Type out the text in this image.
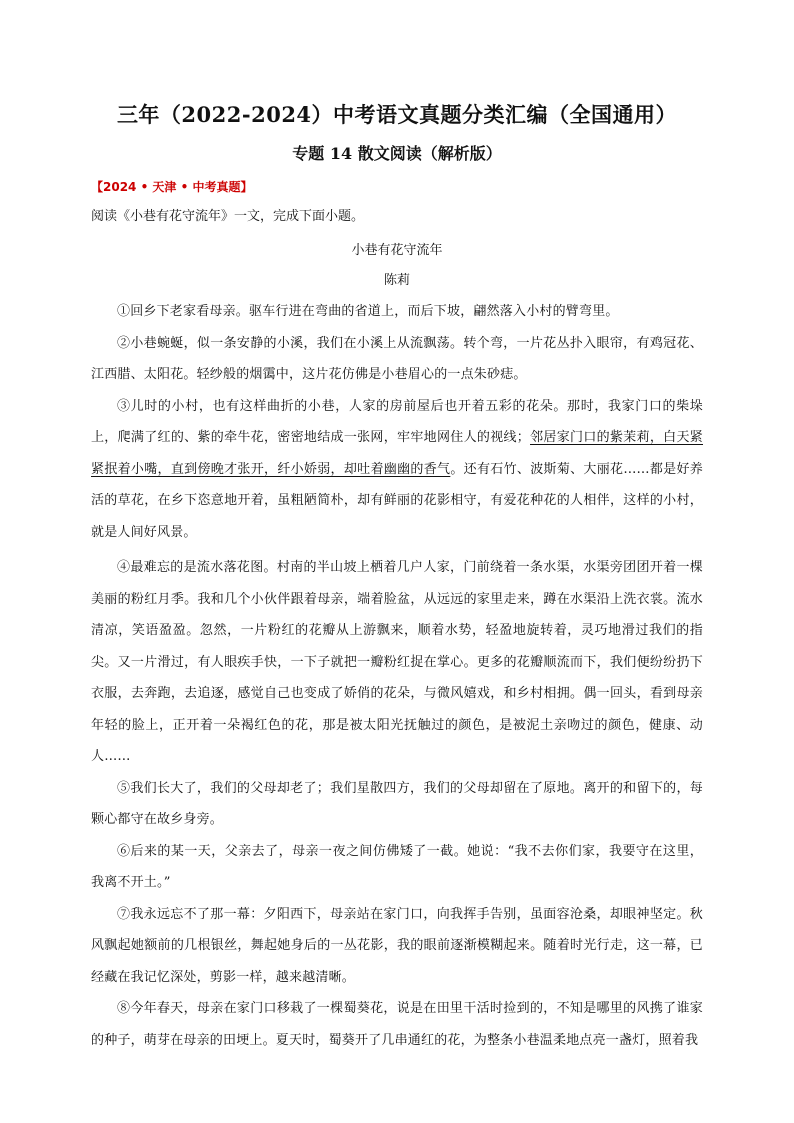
三年（2022-2024）中考语文真题分类汇编（全国通用）
专题 14 散文阅读（解析版）
【2024 • 天津 • 中考真题】
阅读《小巷有花守流年》一文，完成下面小题。
小巷有花守流年
陈莉

①回乡下老家看母亲。驱车行进在弯曲的省道上，而后下坡，翩然落入小村的臂弯里。

②小巷蜿蜒，似一条安静的小溪，我们在小溪上从流飘荡。转个弯，一片花丛扑入眼帘，有鸡冠花、江西腊、太阳花。轻纱般的烟霭中，这片花仿佛是小巷眉心的一点朱砂痣。

③儿时的小村，也有这样曲折的小巷，人家的房前屋后也开着五彩的花朵。那时，我家门口的柴垛上，爬满了红的、紫的牵牛花，密密地结成一张网，牢牢地网住人的视线；邻居家门口的紫茉莉，白天紧紧抿着小嘴，直到傍晚才张开，纤小娇弱，却吐着幽幽的香气。还有石竹、波斯菊、大丽花……都是好养活的草花，在乡下恣意地开着，虽粗陋简朴，却有鲜丽的花影相守，有爱花种花的人相伴，这样的小村，就是人间好风景。

④最难忘的是流水落花图。村南的半山坡上栖着几户人家，门前绕着一条水渠，水渠旁团团开着一棵美丽的粉红月季。我和几个小伙伴跟着母亲，端着脸盆，从远远的家里走来，蹲在水渠沿上洗衣裳。流水清凉，笑语盈盈。忽然，一片粉红的花瓣从上游飘来，顺着水势，轻盈地旋转着，灵巧地滑过我们的指尖。又一片滑过，有人眼疾手快，一下子就把一瓣粉红捉在掌心。更多的花瓣顺流而下，我们便纷纷扔下衣服，去奔跑，去追逐，感觉自己也变成了娇俏的花朵，与微风嬉戏，和乡村相拥。偶一回头，看到母亲年轻的脸上，正开着一朵褐红色的花，那是被太阳光抚触过的颜色，是被泥土亲吻过的颜色，健康、动人……

⑤我们长大了，我们的父母却老了；我们星散四方，我们的父母却留在了原地。离开的和留下的，每颗心都守在故乡身旁。

⑥后来的某一天，父亲去了，母亲一夜之间仿佛矮了一截。她说：“我不去你们家，我要守在这里，我离不开土。”

⑦我永远忘不了那一幕：夕阳西下，母亲站在家门口，向我挥手告别，虽面容沧桑，却眼神坚定。秋风飘起她额前的几根银丝，舞起她身后的一丛花影，我的眼前逐渐模糊起来。随着时光行走，这一幕，已经藏在我记忆深处，剪影一样，越来越清晰。

⑧今年春天，母亲在家门口移栽了一棵蜀葵花，说是在田里干活时捡到的，不知是哪里的风携了谁家的种子，萌芽在母亲的田埂上。夏天时，蜀葵开了几串通红的花，为整条小巷温柔地点亮一盏灯，照着我
